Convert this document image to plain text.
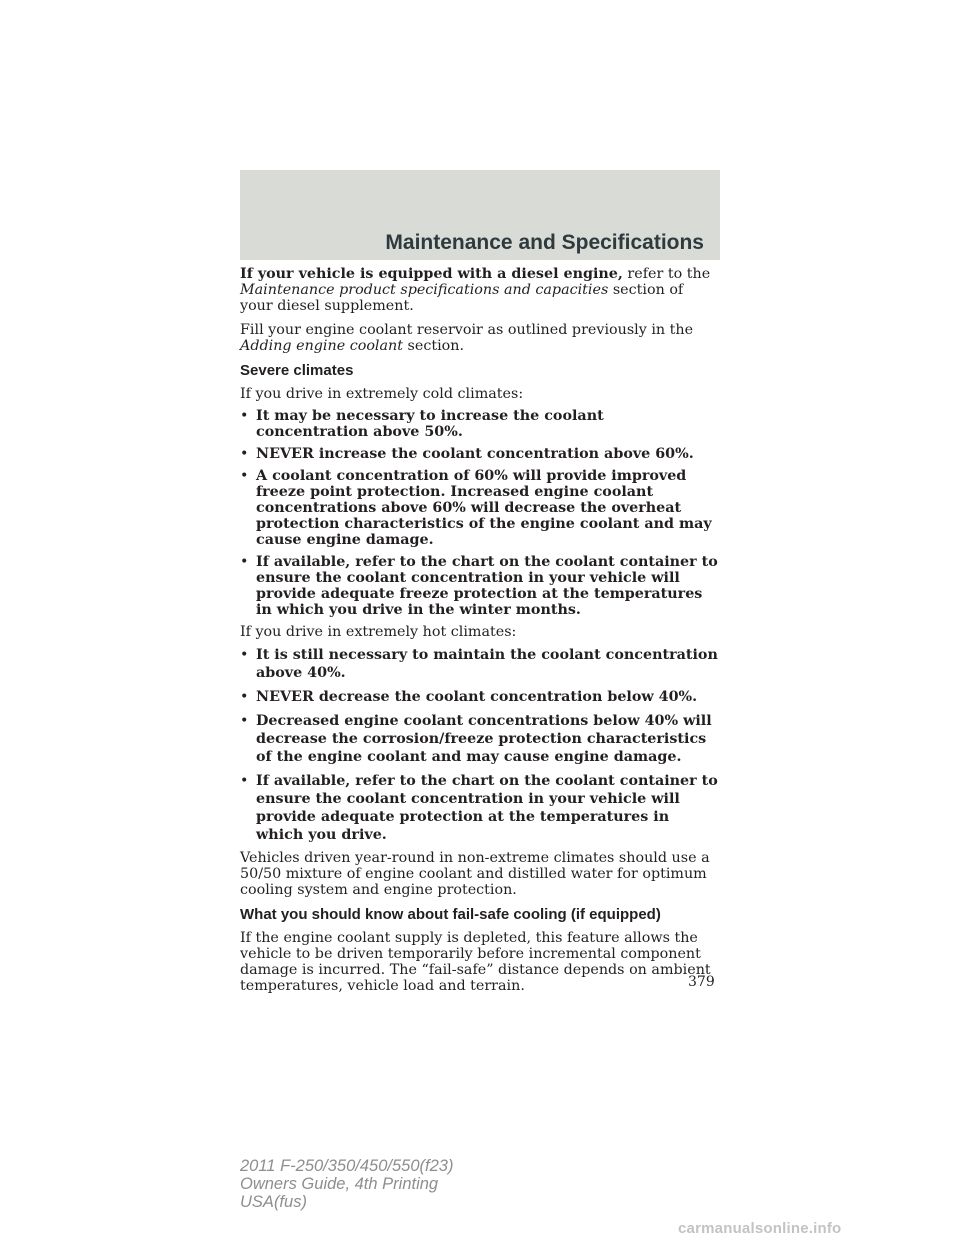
Maintenance and Specifications

If your vehicle is equipped with a diesel engine, refer to the Maintenance product specifications and capacities section of your diesel supplement.

Fill your engine coolant reservoir as outlined previously in the Adding engine coolant section.

Severe climates

If you drive in extremely cold climates:

• It may be necessary to increase the coolant concentration above 50%.
• NEVER increase the coolant concentration above 60%.
• A coolant concentration of 60% will provide improved freeze point protection. Increased engine coolant concentrations above 60% will decrease the overheat protection characteristics of the engine coolant and may cause engine damage.
• If available, refer to the chart on the coolant container to ensure the coolant concentration in your vehicle will provide adequate freeze protection at the temperatures in which you drive in the winter months.

If you drive in extremely hot climates:

• It is still necessary to maintain the coolant concentration above 40%.
• NEVER decrease the coolant concentration below 40%.
• Decreased engine coolant concentrations below 40% will decrease the corrosion/freeze protection characteristics of the engine coolant and may cause engine damage.
• If available, refer to the chart on the coolant container to ensure the coolant concentration in your vehicle will provide adequate protection at the temperatures in which you drive.

Vehicles driven year-round in non-extreme climates should use a 50/50 mixture of engine coolant and distilled water for optimum cooling system and engine protection.

What you should know about fail-safe cooling (if equipped)

If the engine coolant supply is depleted, this feature allows the vehicle to be driven temporarily before incremental component damage is incurred. The “fail-safe” distance depends on ambient temperatures, vehicle load and terrain.	379
2011 F-250/350/450/550(f23)
Owners Guide, 4th Printing
USA(fus)
carmanualsonline.info
